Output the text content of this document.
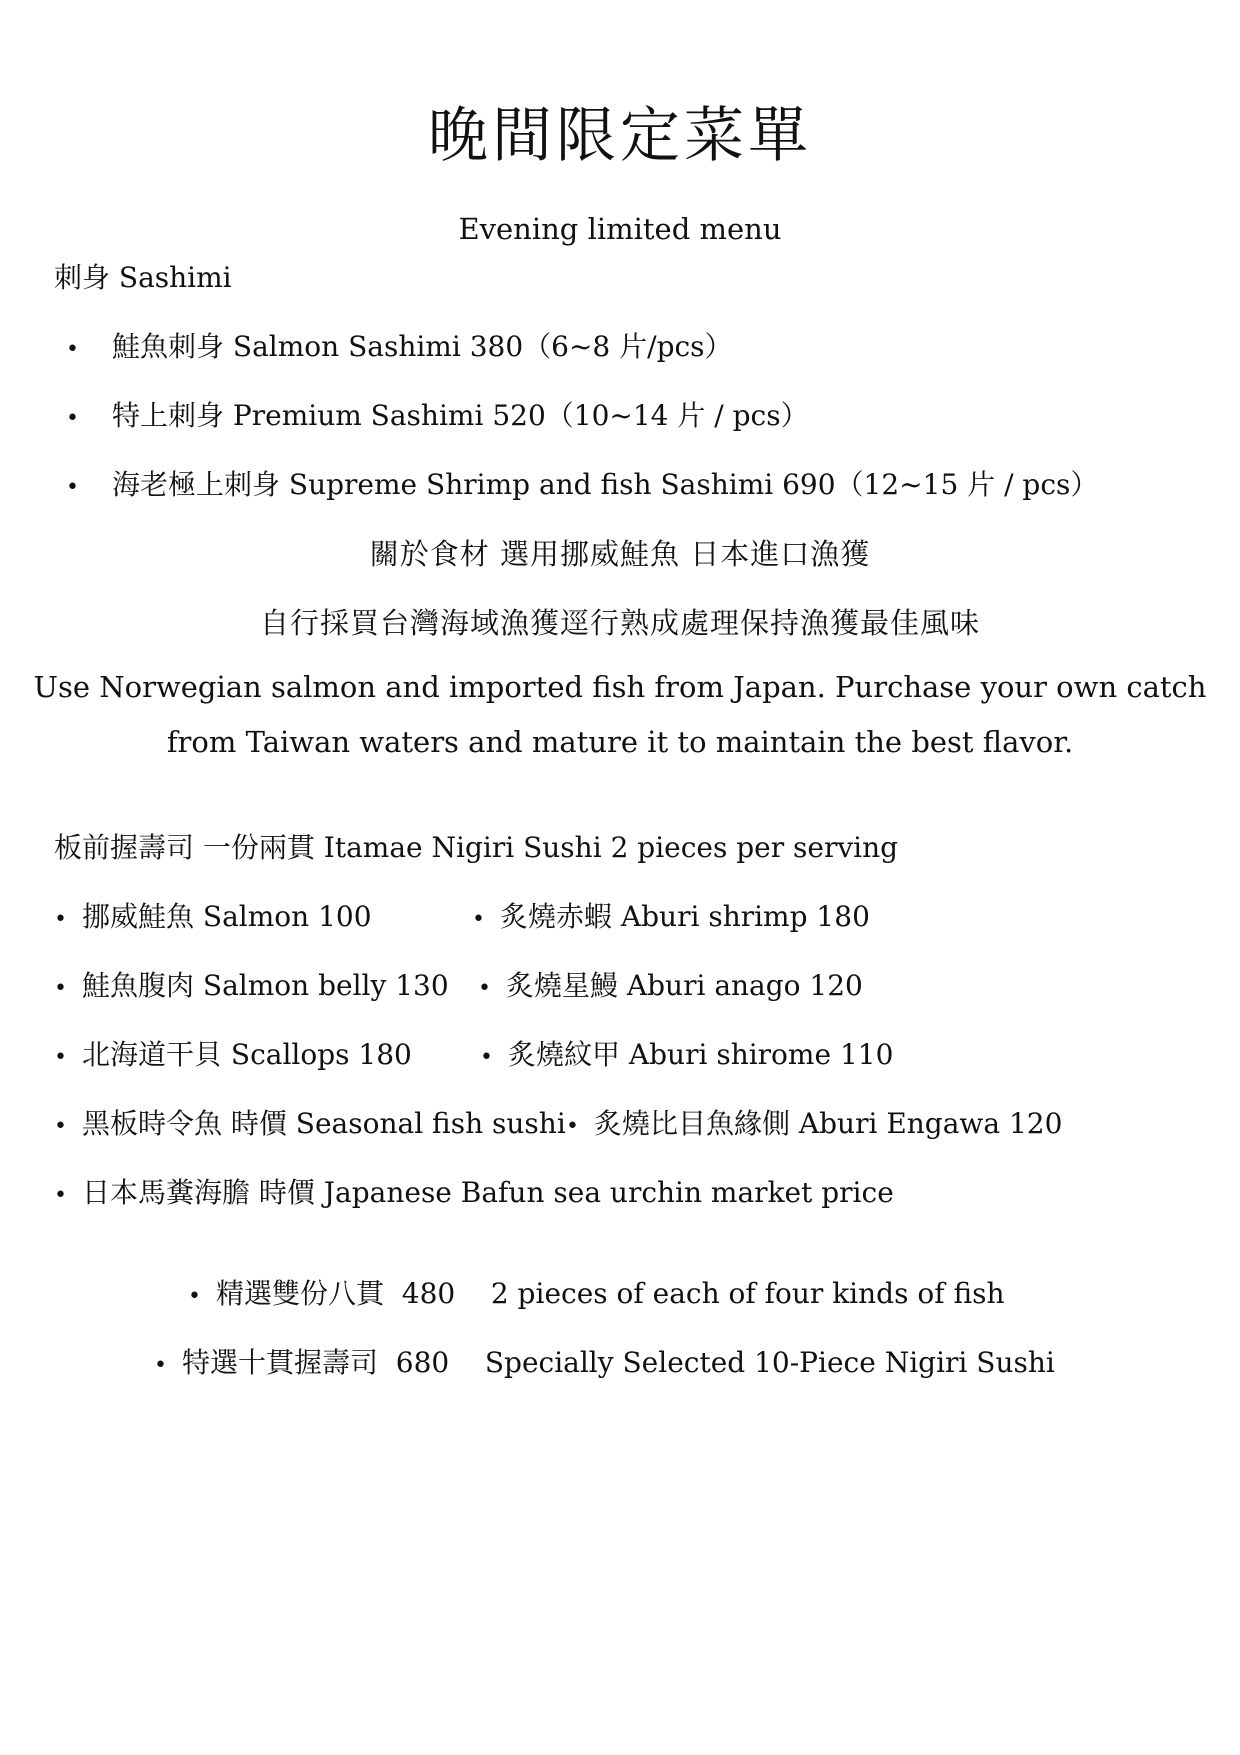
晚間限定菜單
Evening limited menu
刺身 Sashimi
• 鮭魚刺身 Salmon Sashimi 380（6~8 片/pcs）
• 特上刺身 Premium Sashimi 520（10~14 片 / pcs）
• 海老極上刺身 Supreme Shrimp and fish Sashimi 690（12~15 片 / pcs）
關於食材 選用挪威鮭魚 日本進口漁獲
自行採買台灣海域漁獲逕行熟成處理保持漁獲最佳風味
Use Norwegian salmon and imported fish from Japan. Purchase your own catch
from Taiwan waters and mature it to maintain the best flavor.
板前握壽司 一份兩貫 Itamae Nigiri Sushi 2 pieces per serving
• 挪威鮭魚 Salmon 100
• 鮭魚腹肉 Salmon belly 130
• 北海道干貝 Scallops 180
• 黑板時令魚 時價 Seasonal fish sushi
• 日本馬糞海膽 時價 Japanese Bafun sea urchin market price
• 炙燒赤蝦 Aburi shrimp 180
• 炙燒星鰻 Aburi anago 120
• 炙燒紋甲 Aburi shirome 110
• 炙燒比目魚緣側 Aburi Engawa 120
• 精選雙份八貫  480    2 pieces of each of four kinds of fish
• 特選十貫握壽司  680    Specially Selected 10-Piece Nigiri Sushi
